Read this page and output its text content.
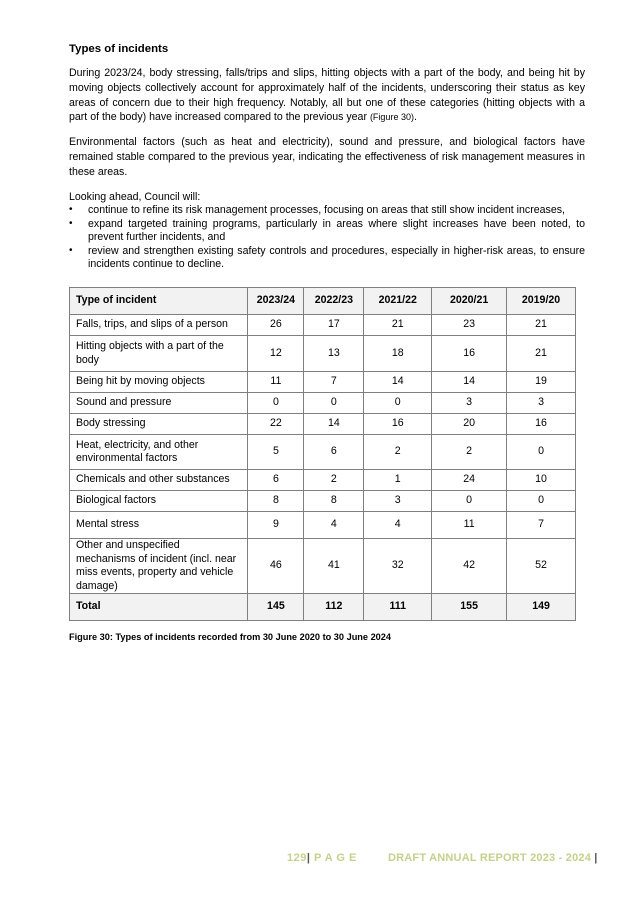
Types of incidents

During 2023/24, body stressing, falls/trips and slips, hitting objects with a part of the body, and being hit by moving objects collectively account for approximately half of the incidents, underscoring their status as key areas of concern due to their high frequency. Notably, all but one of these categories (hitting objects with a part of the body) have increased compared to the previous year (Figure 30).

Environmental factors (such as heat and electricity), sound and pressure, and biological factors have remained stable compared to the previous year, indicating the effectiveness of risk management measures in these areas.

Looking ahead, Council will:

• continue to refine its risk management processes, focusing on areas that still show incident increases,
• expand targeted training programs, particularly in areas where slight increases have been noted, to prevent further incidents, and
• review and strengthen existing safety controls and procedures, especially in higher-risk areas, to ensure incidents continue to decline.
Type of incident	2023/24	2022/23	2021/22	2020/21	2019/20
Falls, trips, and slips of a person	26	17	21	23	21
Hitting objects with a part of the body	12	13	18	16	21
Being hit by moving objects	11	7	14	14	19
Sound and pressure	0	0	0	3	3
Body stressing	22	14	16	20	16
Heat, electricity, and other environmental factors	5	6	2	2	0
Chemicals and other substances	6	2	1	24	10
Biological factors	8	8	3	0	0
Mental stress	9	4	4	11	7
Other and unspecified mechanisms of incident (incl. near miss events, property and vehicle damage)	46	41	32	42	52
Total	145	112	111	155	149
Figure 30: Types of incidents recorded from 30 June 2020 to 30 June 2024
129| P A G E	DRAFT ANNUAL REPORT 2023 - 2024 |
